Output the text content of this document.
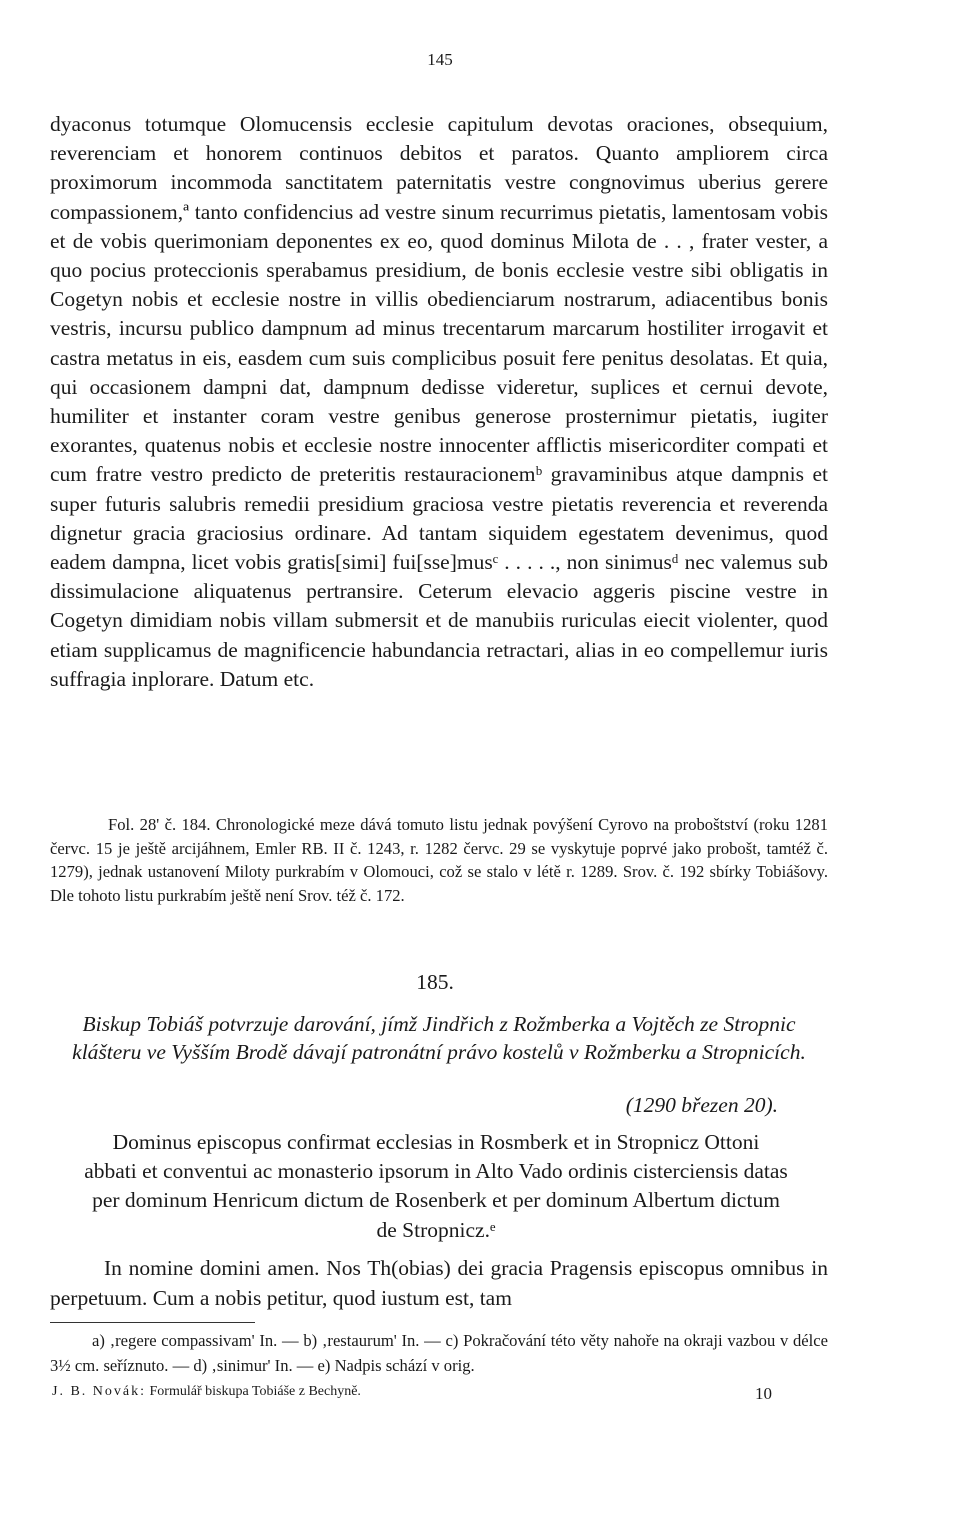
145

dyaconus totumque Olomucensis ecclesie capitulum devotas oraciones, obsequium, reverenciam et honorem continuos debitos et paratos. Quanto ampliorem circa proximorum incommoda sanctitatem paternitatis vestre congnovimus uberius gerere compassionem,ª tanto confidencius ad vestre sinum recurrimus pietatis, lamentosam vobis et de vobis querimoniam deponentes ex eo, quod dominus Milota de . . , frater vester, a quo pocius proteccionis sperabamus presidium, de bonis ecclesie vestre sibi obligatis in Cogetyn nobis et ecclesie nostre in villis obedienciarum nostrarum, adiacentibus bonis vestris, incursu publico dampnum ad minus trecentarum marcarum hostiliter irrogavit et castra metatus in eis, easdem cum suis complicibus posuit fere penitus desolatas. Et quia, qui occasionem dampni dat, dampnum dedisse videretur, suplices et cernui devote, humiliter et instanter coram vestre genibus generose prosternimur pietatis, iugiter exorantes, quatenus nobis et ecclesie nostre innocenter afflictis misericorditer compati et cum fratre vestro predicto de preteritis restauracionemᵇ gravaminibus atque dampnis et super futuris salubris remedii presidium graciosa vestre pietatis reverencia et reverenda dignetur gracia graciosius ordinare. Ad tantam siquidem egestatem devenimus, quod eadem dampna, licet vobis gratis[simi] fui[sse]musᶜ . . . . ., non sinimusᵈ nec valemus sub dissimulacione aliquatenus pertransire. Ceterum elevacio aggeris piscine vestre in Cogetyn dimidiam nobis villam submersit et de manubiis ruriculas eiecit violenter, quod etiam supplicamus de magnificencie habundancia retractari, alias in eo compellemur iuris suffragia inplorare. Datum etc.

Fol. 28' č. 184. Chronologické meze dává tomuto listu jednak povýšení Cyrovo na proboštství (roku 1281 červc. 15 je ještě arcijáhnem, Emler RB. II č. 1243, r. 1282 červc. 29 se vyskytuje poprvé jako probošt, tamtéž č. 1279), jednak ustanovení Miloty purkrabím v Olomouci, což se stalo v létě r. 1289. Srov. č. 192 sbírky Tobiášovy. Dle tohoto listu purkrabím ještě není Srov. též č. 172.

185.
Biskup Tobiáš potvrzuje darování, jímž Jindřich z Rožmberka a Vojtěch ze Stropnic klášteru ve Vyšším Brodě dávají patronátní právo kostelů v Rožmberku a Stropnicích.
(1290 březen 20).
Dominus episcopus confirmat ecclesias in Rosmberk et in Stropnicz Ottoni abbati et conventui ac monasterio ipsorum in Alto Vado ordinis cisterciensis datas per dominum Henricum dictum de Rosenberk et per dominum Albertum dictum de Stropnicz.ᵉ

In nomine domini amen. Nos Th(obias) dei gracia Pragensis episcopus omnibus in perpetuum. Cum a nobis petitur, quod iustum est, tam

a) ‚regere compassivam' In. — b) ‚restaurum' In. — c) Pokračování této věty nahoře na okraji vazbou v délce 3½ cm. seříznuto. — d) ‚sinimur' In. — e) Nadpis schází v orig.

J. B. Novák: Formulář biskupa Tobiáše z Bechyně.	10
